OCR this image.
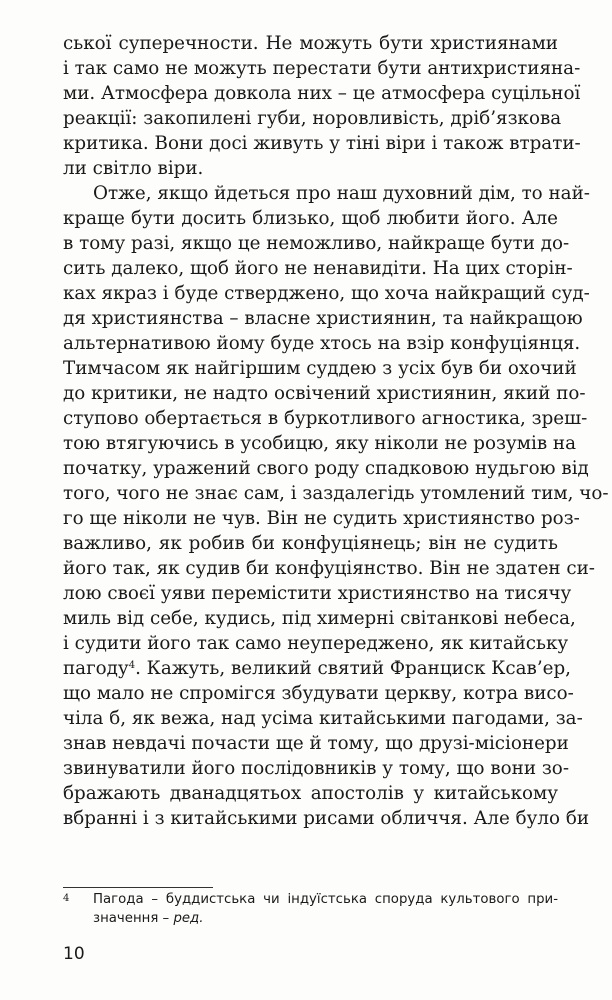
ської суперечности. Не можуть бути християнами
і так само не можуть перестати бути антихристияна-
ми. Атмосфера довкола них – це атмосфера суцільної
реакції: закопилені губи, норовливість, дріб’язкова
критика. Вони досі живуть у тіні віри і також втрати-
ли світло віри.
Отже, якщо йдеться про наш духовний дім, то най-
краще бути досить близько, щоб любити його. Але
в тому разі, якщо це неможливо, найкраще бути до-
сить далеко, щоб його не ненавидіти. На цих сторін-
ках якраз і буде стверджено, що хоча найкращий суд-
дя християнства – власне християнин, та найкращою
альтернативою йому буде хтось на взір конфуціянця.
Тимчасом як найгіршим суддею з усіх був би охочий
до критики, не надто освічений християнин, який по-
ступово обертається в буркотливого агностика, зреш-
тою втягуючись в усобицю, яку ніколи не розумів на
початку, уражений свого роду спадковою нудьгою від
того, чого не знає сам, і заздалегідь утомлений тим, чо-
го ще ніколи не чув. Він не судить християнство роз-
важливо, як робив би конфуціянець; він не судить
його так, як судив би конфуціянство. Він не здатен си-
лою своєї уяви перемістити християнство на тисячу
миль від себе, кудись, під химерні світанкові небеса,
і судити його так само неупереджено, як китайську
пагоду$^4$. Кажуть, великий святий Франциск Ксав’ер,
що мало не спромігся збудувати церкву, котра висо-
чіла б, як вежа, над усіма китайськими пагодами, за-
знав невдачі почасти ще й тому, що друзі-місіонери
звинуватили його послідовників у тому, що вони зо-
бражають дванадцятьох апостолів у китайському
вбранні і з китайськими рисами обличчя. Але було би
4 Пагода – буддистська чи індуїстська споруда культового при-
значення – ред.
10
